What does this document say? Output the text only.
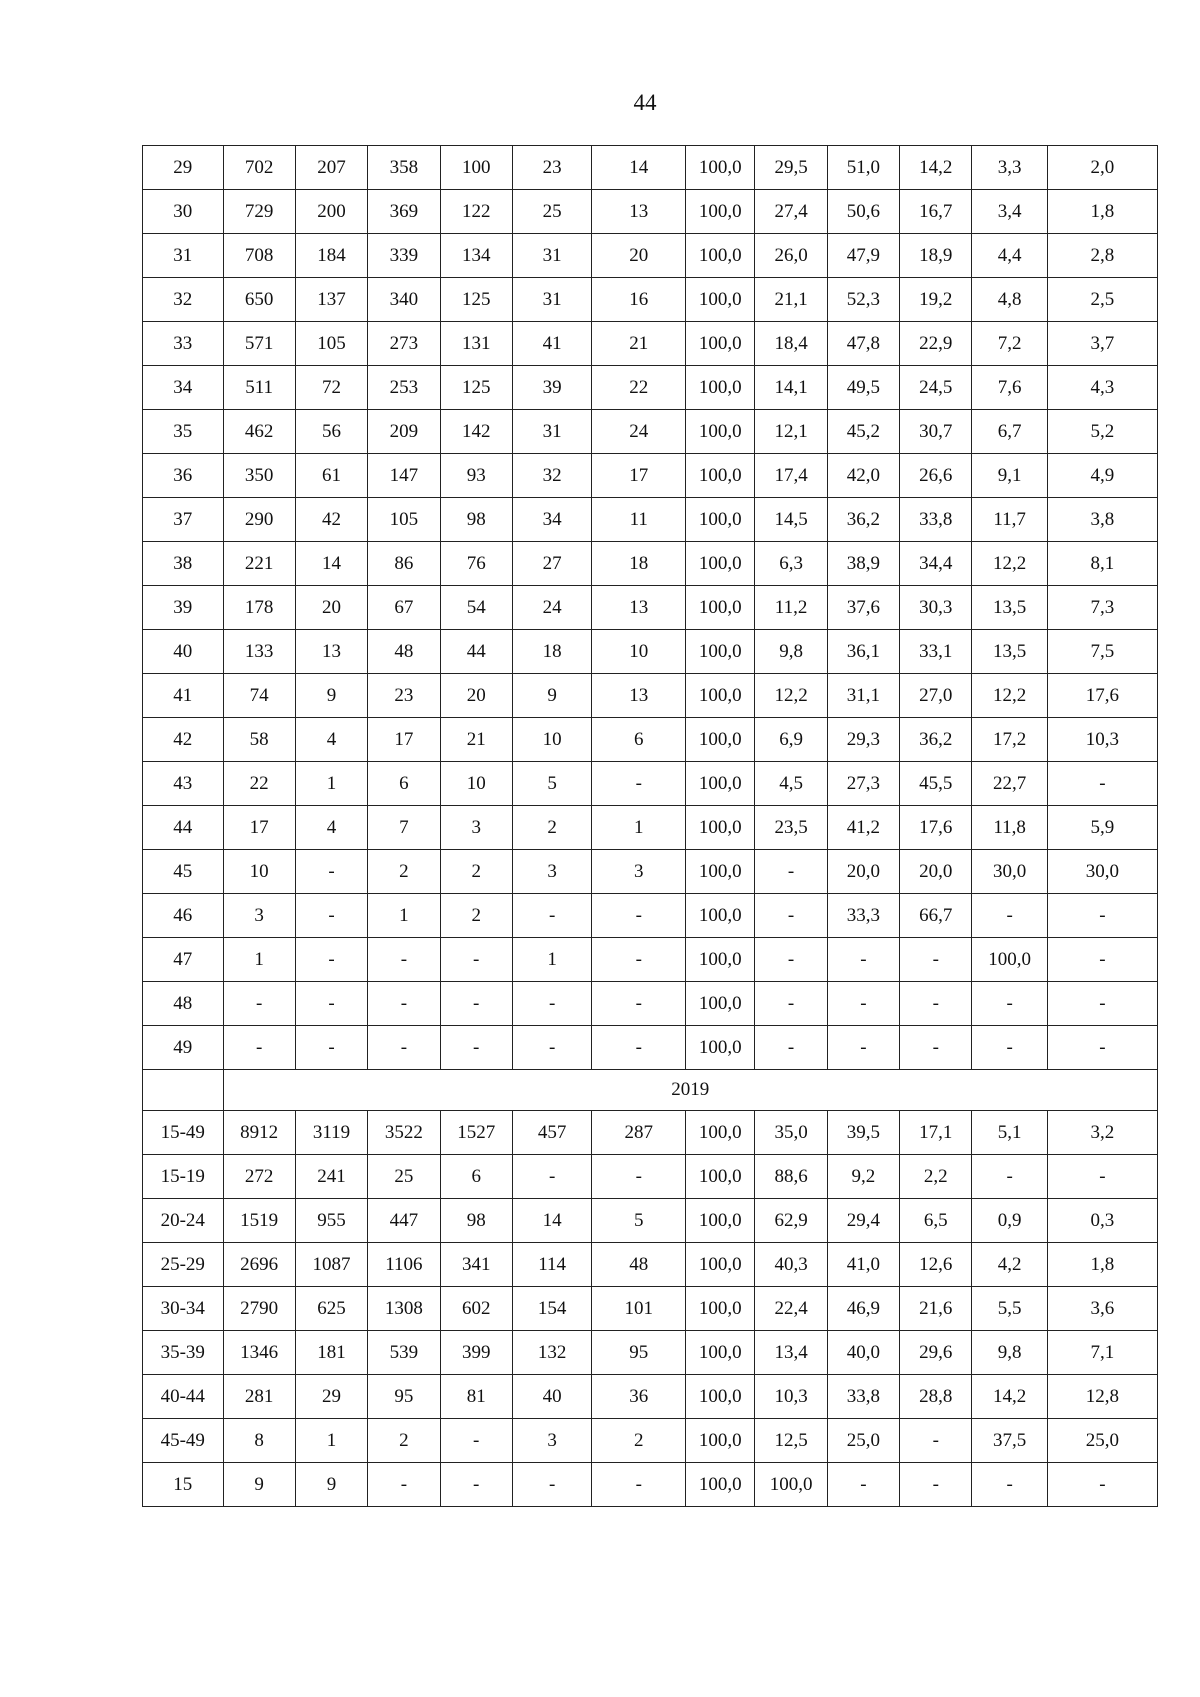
44
29	702	207	358	100	23	14	100,0	29,5	51,0	14,2	3,3	2,0
30	729	200	369	122	25	13	100,0	27,4	50,6	16,7	3,4	1,8
31	708	184	339	134	31	20	100,0	26,0	47,9	18,9	4,4	2,8
32	650	137	340	125	31	16	100,0	21,1	52,3	19,2	4,8	2,5
33	571	105	273	131	41	21	100,0	18,4	47,8	22,9	7,2	3,7
34	511	72	253	125	39	22	100,0	14,1	49,5	24,5	7,6	4,3
35	462	56	209	142	31	24	100,0	12,1	45,2	30,7	6,7	5,2
36	350	61	147	93	32	17	100,0	17,4	42,0	26,6	9,1	4,9
37	290	42	105	98	34	11	100,0	14,5	36,2	33,8	11,7	3,8
38	221	14	86	76	27	18	100,0	6,3	38,9	34,4	12,2	8,1
39	178	20	67	54	24	13	100,0	11,2	37,6	30,3	13,5	7,3
40	133	13	48	44	18	10	100,0	9,8	36,1	33,1	13,5	7,5
41	74	9	23	20	9	13	100,0	12,2	31,1	27,0	12,2	17,6
42	58	4	17	21	10	6	100,0	6,9	29,3	36,2	17,2	10,3
43	22	1	6	10	5	-	100,0	4,5	27,3	45,5	22,7	-
44	17	4	7	3	2	1	100,0	23,5	41,2	17,6	11,8	5,9
45	10	-	2	2	3	3	100,0	-	20,0	20,0	30,0	30,0
46	3	-	1	2	-	-	100,0	-	33,3	66,7	-	-
47	1	-	-	-	1	-	100,0	-	-	-	100,0	-
48	-	-	-	-	-	-	100,0	-	-	-	-	-
49	-	-	-	-	-	-	100,0	-	-	-	-	-
	2019											
15-49	8912	3119	3522	1527	457	287	100,0	35,0	39,5	17,1	5,1	3,2
15-19	272	241	25	6	-	-	100,0	88,6	9,2	2,2	-	-
20-24	1519	955	447	98	14	5	100,0	62,9	29,4	6,5	0,9	0,3
25-29	2696	1087	1106	341	114	48	100,0	40,3	41,0	12,6	4,2	1,8
30-34	2790	625	1308	602	154	101	100,0	22,4	46,9	21,6	5,5	3,6
35-39	1346	181	539	399	132	95	100,0	13,4	40,0	29,6	9,8	7,1
40-44	281	29	95	81	40	36	100,0	10,3	33,8	28,8	14,2	12,8
45-49	8	1	2	-	3	2	100,0	12,5	25,0	-	37,5	25,0
15	9	9	-	-	-	-	100,0	100,0	-	-	-	-
